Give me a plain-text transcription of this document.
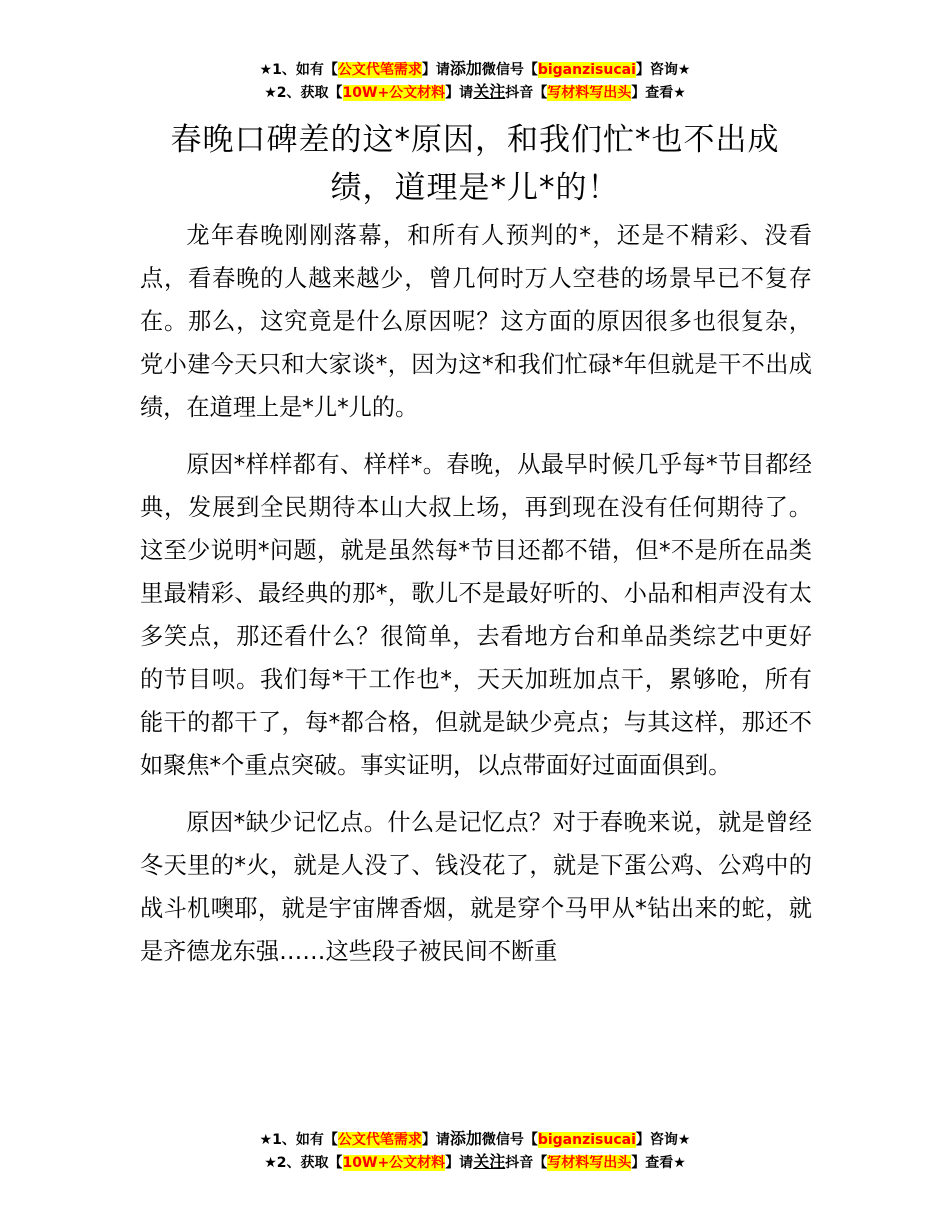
★1、如有【公文代笔需求】请添加微信号【biganzisucai】咨询★
★2、获取【10W+公文材料】请关注抖音【写材料写出头】查看★
春晚口碑差的这*原因，和我们忙*也不出成绩，道理是*儿*的！

龙年春晚刚刚落幕，和所有人预判的*，还是不精彩、没看点，看春晚的人越来越少，曾几何时万人空巷的场景早已不复存在。那么，这究竟是什么原因呢？这方面的原因很多也很复杂，党小建今天只和大家谈*，因为这*和我们忙碌*年但就是干不出成绩，在道理上是*儿*儿的。

原因*样样都有、样样*。春晚，从最早时候几乎每*节目都经典，发展到全民期待本山大叔上场，再到现在没有任何期待了。这至少说明*问题，就是虽然每*节目还都不错，但*不是所在品类里最精彩、最经典的那*，歌儿不是最好听的、小品和相声没有太多笑点，那还看什么？很简单，去看地方台和单品类综艺中更好的节目呗。我们每*干工作也*，天天加班加点干，累够呛，所有能干的都干了，每*都合格，但就是缺少亮点；与其这样，那还不如聚焦*个重点突破。事实证明，以点带面好过面面俱到。

原因*缺少记忆点。什么是记忆点？对于春晚来说，就是曾经冬天里的*火，就是人没了、钱没花了，就是下蛋公鸡、公鸡中的战斗机噢耶，就是宇宙牌香烟，就是穿个马甲从*钻出来的蛇，就是齐德龙东强……这些段子被民间不断重

★1、如有【公文代笔需求】请添加微信号【biganzisucai】咨询★
★2、获取【10W+公文材料】请关注抖音【写材料写出头】查看★
